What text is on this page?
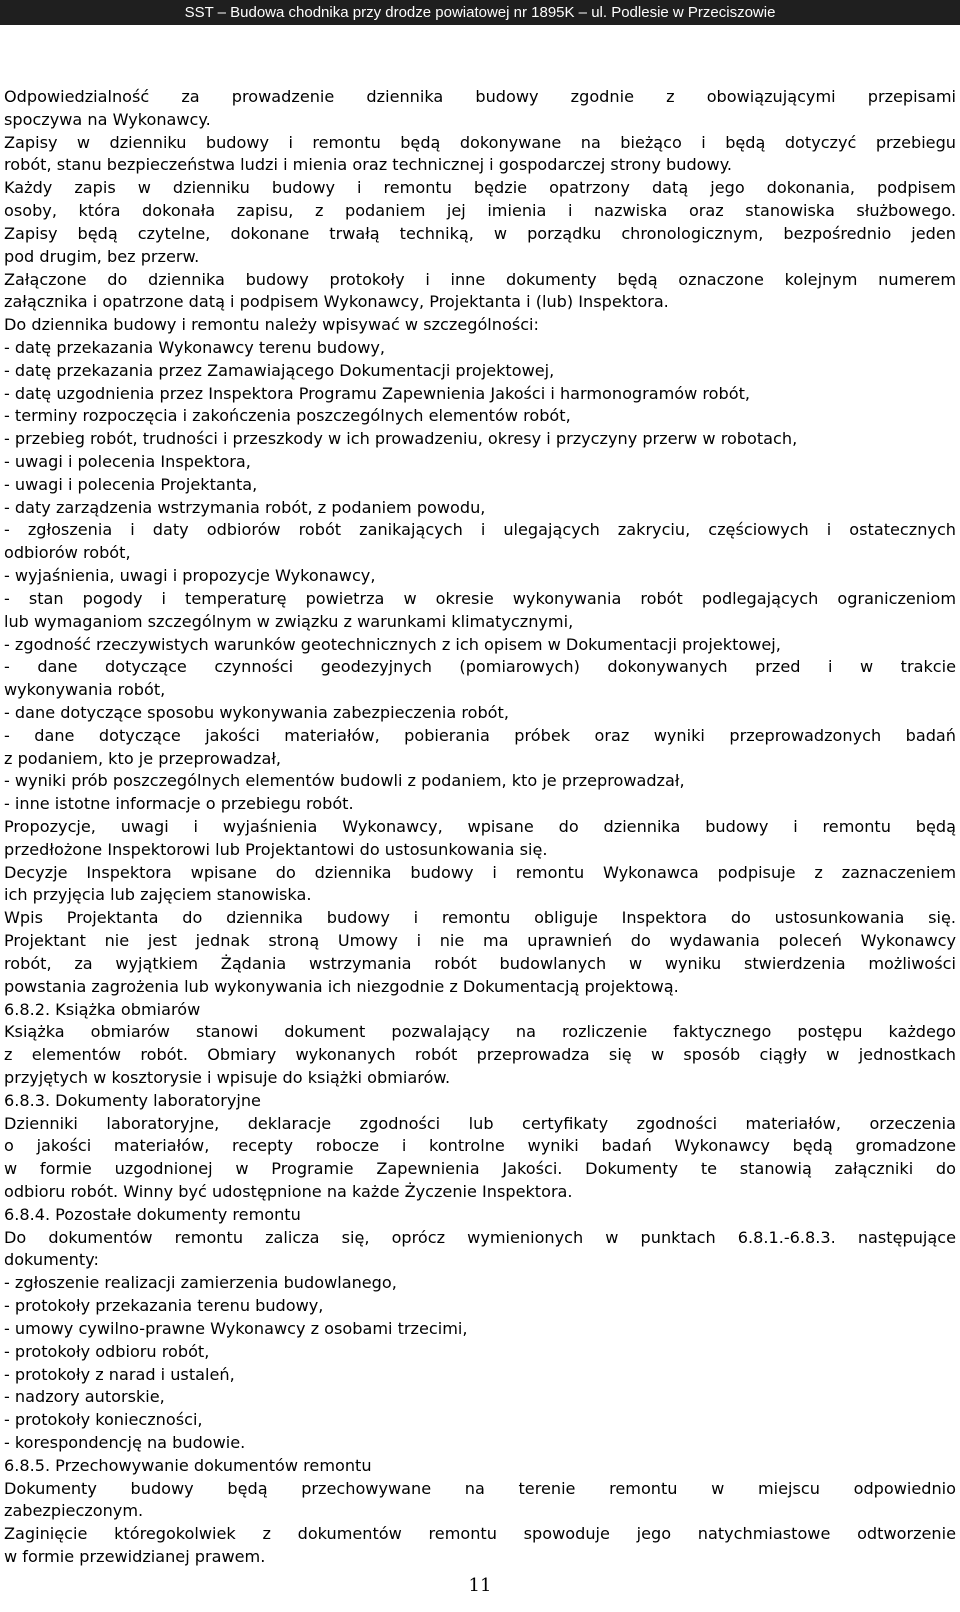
SST – Budowa chodnika przy drodze powiatowej nr 1895K – ul. Podlesie w Przeciszowie
Odpowiedzialność za prowadzenie dziennika budowy zgodnie z obowiązującymi przepisami
spoczywa na Wykonawcy.
Zapisy w dzienniku budowy i remontu będą dokonywane na bieżąco i będą dotyczyć przebiegu
robót, stanu bezpieczeństwa ludzi i mienia oraz technicznej i gospodarczej strony budowy.
Każdy zapis w dzienniku budowy i remontu będzie opatrzony datą jego dokonania, podpisem
osoby, która dokonała zapisu, z podaniem jej imienia i nazwiska oraz stanowiska służbowego.
Zapisy będą czytelne, dokonane trwałą techniką, w porządku chronologicznym, bezpośrednio jeden
pod drugim, bez przerw.
Załączone do dziennika budowy protokoły i inne dokumenty będą oznaczone kolejnym numerem
załącznika i opatrzone datą i podpisem Wykonawcy, Projektanta i (lub) Inspektora.
Do dziennika budowy i remontu należy wpisywać w szczególności:
- datę przekazania Wykonawcy terenu budowy,
- datę przekazania przez Zamawiającego Dokumentacji projektowej,
- datę uzgodnienia przez Inspektora Programu Zapewnienia Jakości i harmonogramów robót,
- terminy rozpoczęcia i zakończenia poszczególnych elementów robót,
- przebieg robót, trudności i przeszkody w ich prowadzeniu, okresy i przyczyny przerw w robotach,
- uwagi i polecenia Inspektora,
- uwagi i polecenia Projektanta,
- daty zarządzenia wstrzymania robót, z podaniem powodu,
- zgłoszenia i daty odbiorów robót zanikających i ulegających zakryciu, częściowych i ostatecznych
odbiorów robót,
- wyjaśnienia, uwagi i propozycje Wykonawcy,
- stan pogody i temperaturę powietrza w okresie wykonywania robót podlegających ograniczeniom
lub wymaganiom szczególnym w związku z warunkami klimatycznymi,
- zgodność rzeczywistych warunków geotechnicznych z ich opisem w Dokumentacji projektowej,
- dane dotyczące czynności geodezyjnych (pomiarowych) dokonywanych przed i w trakcie
wykonywania robót,
- dane dotyczące sposobu wykonywania zabezpieczenia robót,
- dane dotyczące jakości materiałów, pobierania próbek oraz wyniki przeprowadzonych badań
z podaniem, kto je przeprowadzał,
- wyniki prób poszczególnych elementów budowli z podaniem, kto je przeprowadzał,
- inne istotne informacje o przebiegu robót.
Propozycje, uwagi i wyjaśnienia Wykonawcy, wpisane do dziennika budowy i remontu będą
przedłożone Inspektorowi lub Projektantowi do ustosunkowania się.
Decyzje Inspektora wpisane do dziennika budowy i remontu Wykonawca podpisuje z zaznaczeniem
ich przyjęcia lub zajęciem stanowiska.
Wpis Projektanta do dziennika budowy i remontu obliguje Inspektora do ustosunkowania się.
Projektant nie jest jednak stroną Umowy i nie ma uprawnień do wydawania poleceń Wykonawcy
robót, za wyjątkiem Żądania wstrzymania robót budowlanych w wyniku stwierdzenia możliwości
powstania zagrożenia lub wykonywania ich niezgodnie z Dokumentacją projektową.
6.8.2. Książka obmiarów
Książka obmiarów stanowi dokument pozwalający na rozliczenie faktycznego postępu każdego
z elementów robót. Obmiary wykonanych robót przeprowadza się w sposób ciągły w jednostkach
przyjętych w kosztorysie i wpisuje do książki obmiarów.
6.8.3. Dokumenty laboratoryjne
Dzienniki laboratoryjne, deklaracje zgodności lub certyfikaty zgodności materiałów, orzeczenia
o jakości materiałów, recepty robocze i kontrolne wyniki badań Wykonawcy będą gromadzone
w formie uzgodnionej w Programie Zapewnienia Jakości. Dokumenty te stanowią załączniki do
odbioru robót. Winny być udostępnione na każde Życzenie Inspektora.
6.8.4. Pozostałe dokumenty remontu
Do dokumentów remontu zalicza się, oprócz wymienionych w punktach 6.8.1.-6.8.3. następujące
dokumenty:
- zgłoszenie realizacji zamierzenia budowlanego,
- protokoły przekazania terenu budowy,
- umowy cywilno-prawne Wykonawcy z osobami trzecimi,
- protokoły odbioru robót,
- protokoły z narad i ustaleń,
- nadzory autorskie,
- protokoły konieczności,
- korespondencję na budowie.
6.8.5. Przechowywanie dokumentów remontu
Dokumenty budowy będą przechowywane na terenie remontu w miejscu odpowiednio
zabezpieczonym.
Zaginięcie któregokolwiek z dokumentów remontu spowoduje jego natychmiastowe odtworzenie
w formie przewidzianej prawem.
11
